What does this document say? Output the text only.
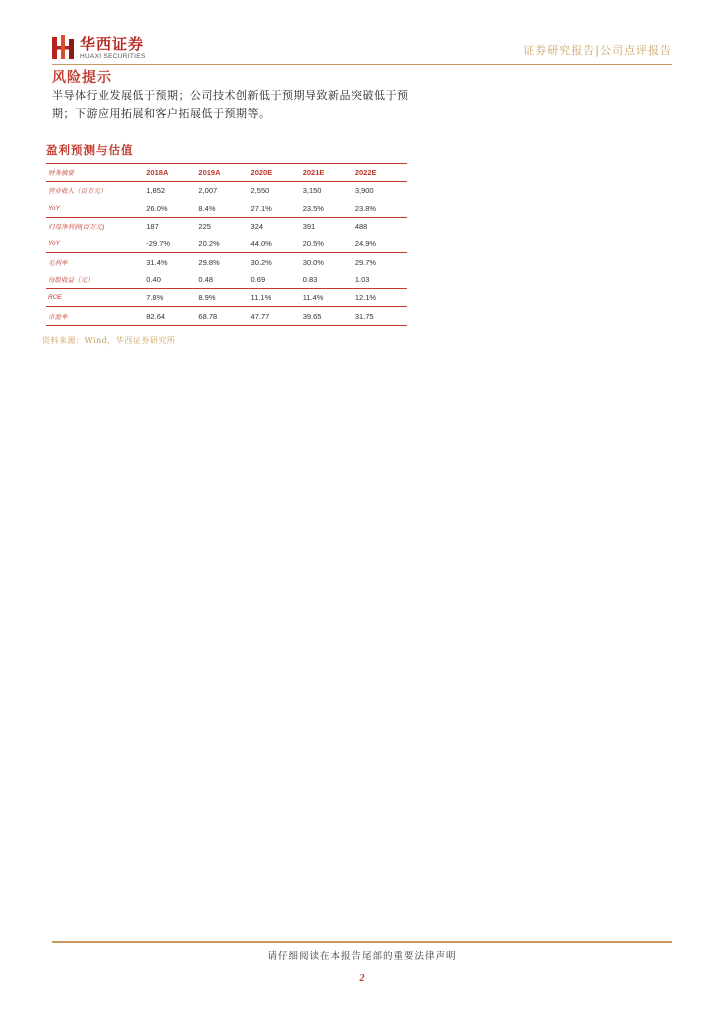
华西证券
HUAXI SECURITIES	证券研究报告|公司点评报告
风险提示
半导体行业发展低于预期；公司技术创新低于预期导致新品突破低于预期；下游应用拓展和客户拓展低于预期等。
盈利预测与估值
财务摘要	2018A	2019A	2020E	2021E	2022E
营业收入（百万元）	1,852	2,007	2,550	3,150	3,900
YoY	26.0%	8.4%	27.1%	23.5%	23.8%
归母净利润(百万元)	187	225	324	391	488
YoY	-29.7%	20.2%	44.0%	20.5%	24.9%
毛利率	31.4%	29.8%	30.2%	30.0%	29.7%
每股收益（元）	0.40	0.48	0.69	0.83	1.03
ROE	7.8%	8.9%	11.1%	11.4%	12.1%
市盈率	82.64	68.78	47.77	39.65	31.75
资料来源：Wind，华西证券研究所
请仔细阅读在本报告尾部的重要法律声明
2
